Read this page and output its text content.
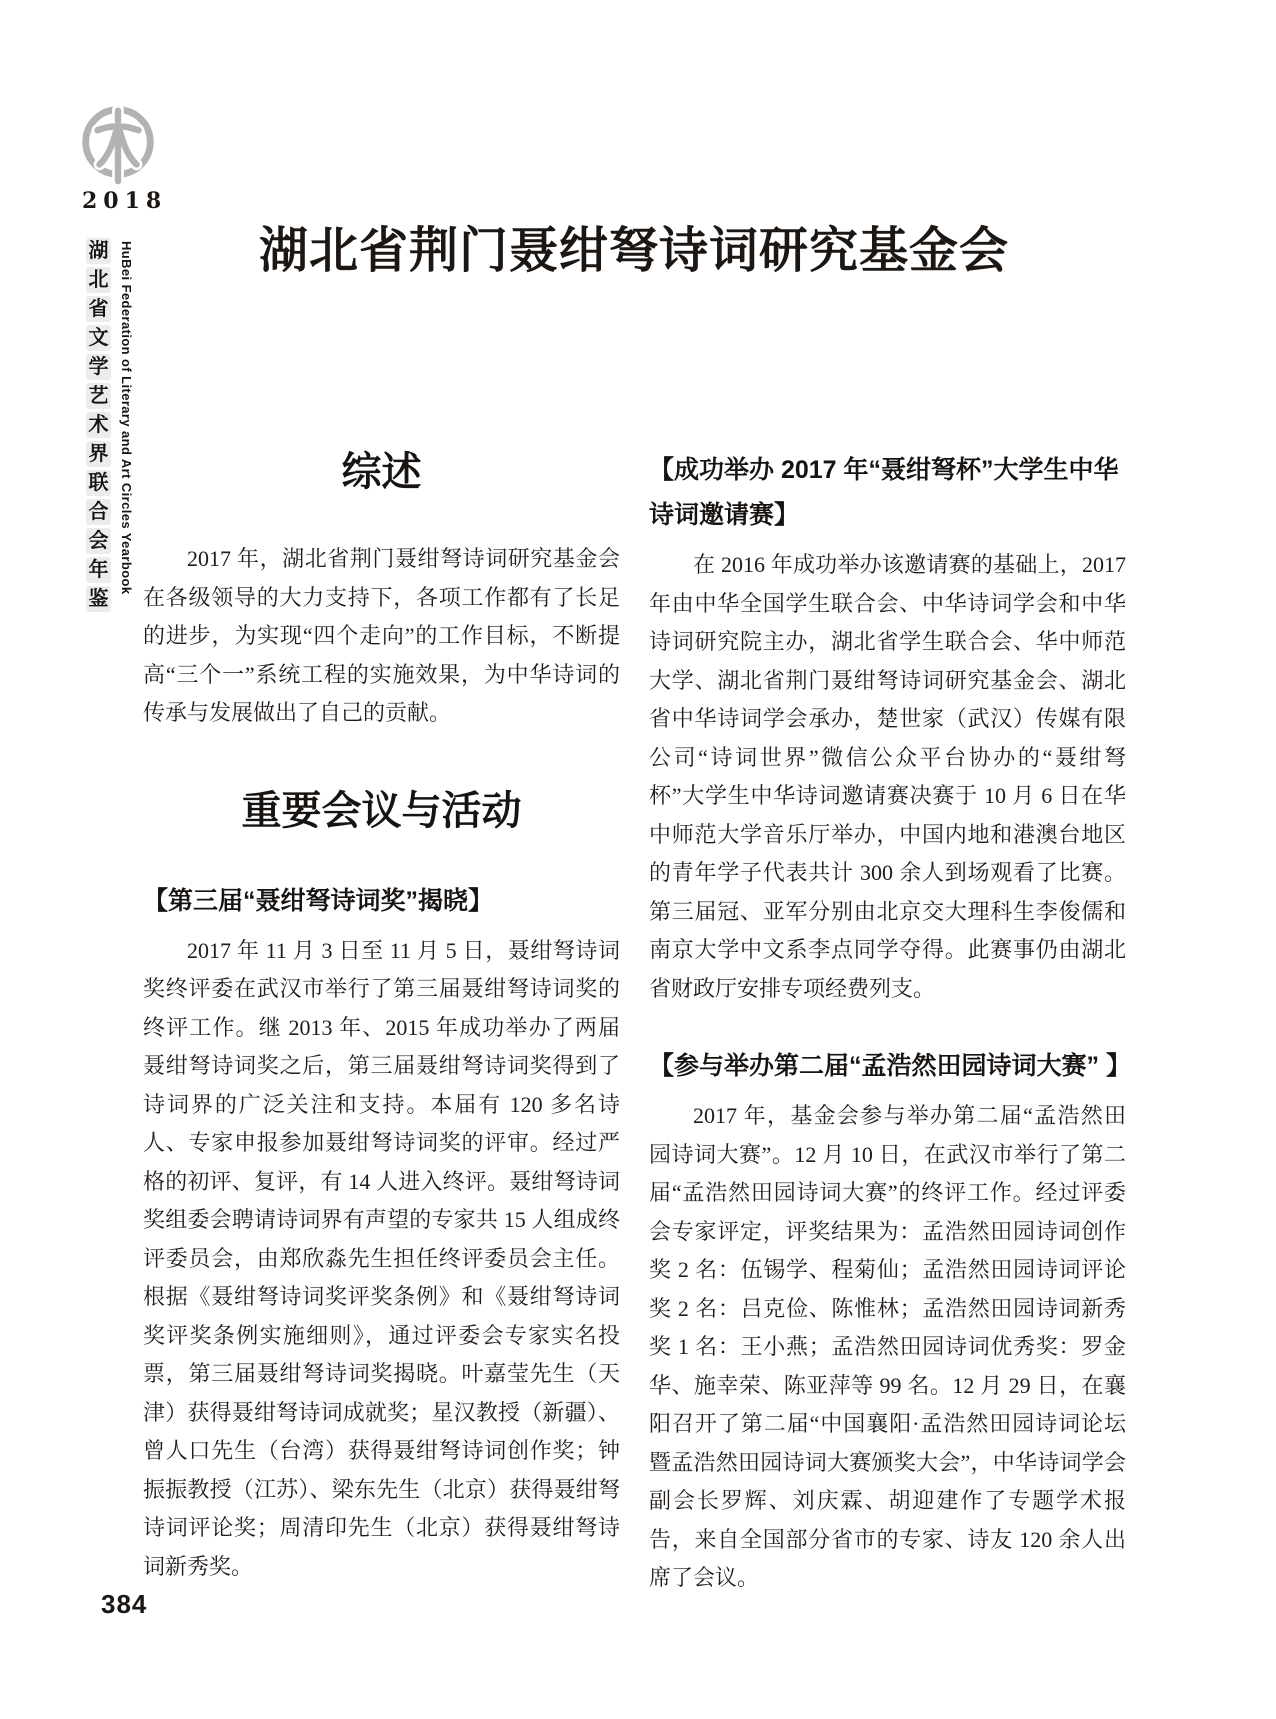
2018
湖
北
省
文
学
艺
术
界
联
合
会
年
鉴
HuBei Federation of Literary and Art Circles Yearbook	湖北省荆门聂绀弩诗词研究基金会
综述

2017 年，湖北省荆门聂绀弩诗词研究基金会在各级领导的大力支持下，各项工作都有了长足的进步，为实现“四个走向”的工作目标，不断提高“三个一”系统工程的实施效果，为中华诗词的传承与发展做出了自己的贡献。

重要会议与活动
【第三届“聂绀弩诗词奖”揭晓】

2017 年 11 月 3 日至 11 月 5 日，聂绀弩诗词奖终评委在武汉市举行了第三届聂绀弩诗词奖的终评工作。继 2013 年、2015 年成功举办了两届聂绀弩诗词奖之后，第三届聂绀弩诗词奖得到了诗词界的广泛关注和支持。本届有 120 多名诗人、专家申报参加聂绀弩诗词奖的评审。经过严格的初评、复评，有 14 人进入终评。聂绀弩诗词奖组委会聘请诗词界有声望的专家共 15 人组成终评委员会，由郑欣淼先生担任终评委员会主任。根据《聂绀弩诗词奖评奖条例》和《聂绀弩诗词奖评奖条例实施细则》，通过评委会专家实名投票，第三届聂绀弩诗词奖揭晓。叶嘉莹先生（天津）获得聂绀弩诗词成就奖；星汉教授（新疆）、曾人口先生（台湾）获得聂绀弩诗词创作奖；钟振振教授（江苏）、梁东先生（北京）获得聂绀弩诗词评论奖；周清印先生（北京）获得聂绀弩诗词新秀奖。

【成功举办 2017 年“聂绀弩杯”大学生中华诗词邀请赛】

在 2016 年成功举办该邀请赛的基础上，2017 年由中华全国学生联合会、中华诗词学会和中华诗词研究院主办，湖北省学生联合会、华中师范大学、湖北省荆门聂绀弩诗词研究基金会、湖北省中华诗词学会承办，楚世家（武汉）传媒有限公司“诗词世界”微信公众平台协办的“聂绀弩杯”大学生中华诗词邀请赛决赛于 10 月 6 日在华中师范大学音乐厅举办，中国内地和港澳台地区的青年学子代表共计 300 余人到场观看了比赛。第三届冠、亚军分别由北京交大理科生李俊儒和南京大学中文系李点同学夺得。此赛事仍由湖北省财政厅安排专项经费列支。

【参与举办第二届“孟浩然田园诗词大赛” 】

2017 年，基金会参与举办第二届“孟浩然田园诗词大赛”。12 月 10 日，在武汉市举行了第二届“孟浩然田园诗词大赛”的终评工作。经过评委会专家评定，评奖结果为：孟浩然田园诗词创作奖 2 名：伍锡学、程菊仙；孟浩然田园诗词评论奖 2 名：吕克俭、陈惟林；孟浩然田园诗词新秀奖 1 名：王小燕；孟浩然田园诗词优秀奖：罗金华、施幸荣、陈亚萍等 99 名。12 月 29 日，在襄阳召开了第二届“中国襄阳·孟浩然田园诗词论坛暨孟浩然田园诗词大赛颁奖大会”，中华诗词学会副会长罗辉、刘庆霖、胡迎建作了专题学术报告，来自全国部分省市的专家、诗友 120 余人出席了会议。

384
